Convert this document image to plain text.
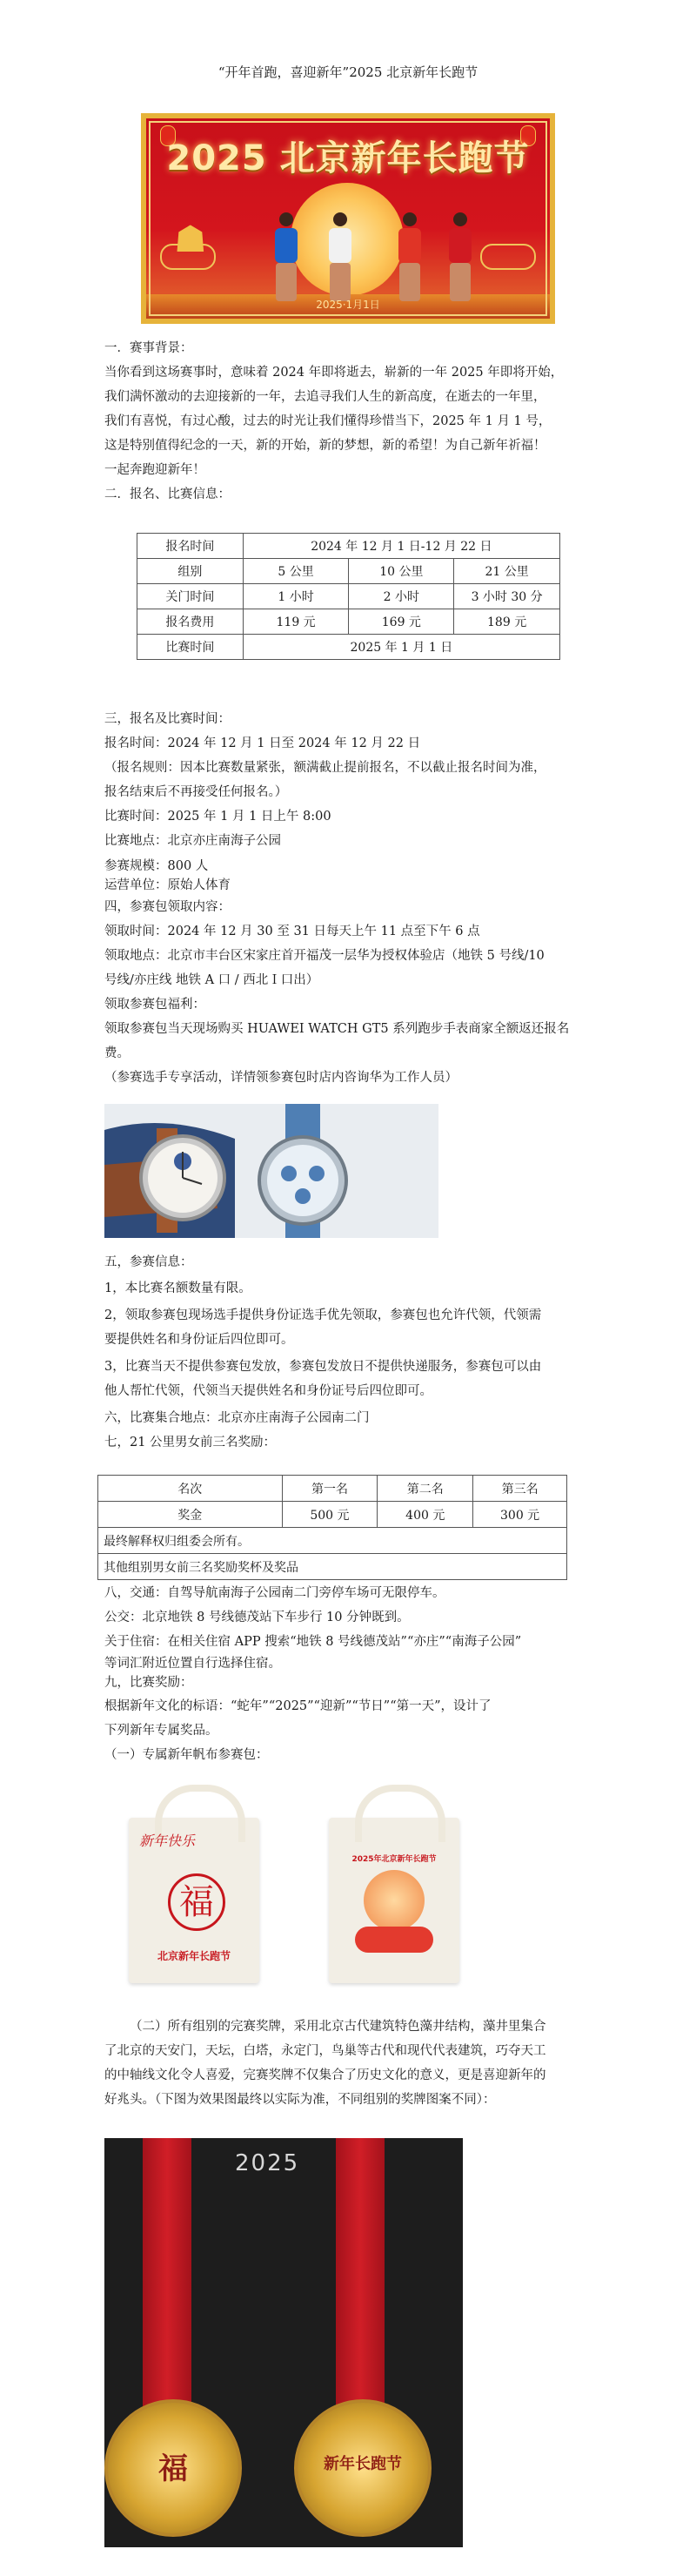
“开年首跑，喜迎新年”2025 北京新年长跑节
☗
2025 北京新年长跑节
2025·1月1日

一．赛事背景：

当你看到这场赛事时，意味着 2024 年即将逝去，崭新的一年 2025 年即将开始，

我们满怀激动的去迎接新的一年，去追寻我们人生的新高度，在逝去的一年里，

我们有喜悦，有过心酸，过去的时光让我们懂得珍惜当下，2025 年 1 月 1 号，

这是特别值得纪念的一天，新的开始，新的梦想，新的希望！为自己新年祈福！

一起奔跑迎新年！

二．报名、比赛信息：

报名时间	2024 年 12 月 1 日-12 月 22 日		
组别	5 公里	10 公里	21 公里
关门时间	1 小时	2 小时	3 小时 30 分
报名费用	119 元	169 元	189 元
比赛时间	2025 年 1 月 1 日		

三，报名及比赛时间：

报名时间：2024 年 12 月 1 日至 2024 年 12 月 22 日

（报名规则：因本比赛数量紧张，额满截止提前报名，不以截止报名时间为准，

报名结束后不再接受任何报名。）

比赛时间：2025 年 1 月 1 日上午 8:00

比赛地点：北京亦庄南海子公园

参赛规模：800 人

运营单位：原始人体育

四，参赛包领取内容：

领取时间：2024 年 12 月 30 至 31 日每天上午 11 点至下午 6 点

领取地点：北京市丰台区宋家庄首开福茂一层华为授权体验店（地铁 5 号线/10

号线/亦庄线 地铁 A 口 / 西北Ｉ口出）

领取参赛包福利：

领取参赛包当天现场购买 HUAWEI WATCH GT5 系列跑步手表商家全额返还报名费。

（参赛选手专享活动，详情领参赛包时店内咨询华为工作人员）

五，参赛信息：

1，本比赛名额数量有限。

2，领取参赛包现场选手提供身份证选手优先领取，参赛包也允许代领，代领需

要提供姓名和身份证后四位即可。

3，比赛当天不提供参赛包发放，参赛包发放日不提供快递服务，参赛包可以由

他人帮忙代领，代领当天提供姓名和身份证号后四位即可。

六，比赛集合地点：北京亦庄南海子公园南二门

七，21 公里男女前三名奖励：

名次	第一名	第二名	第三名
奖金	500 元	400 元	300 元
最终解释权归组委会所有。			
其他组别男女前三名奖励奖杯及奖品			

八，交通：自驾导航南海子公园南二门旁停车场可无限停车。

公交：北京地铁 8 号线德茂站下车步行 10 分钟既到。

关于住宿：在相关住宿 APP 搜索“地铁 8 号线德茂站”“亦庄”“南海子公园”

等词汇附近位置自行选择住宿。

九，比赛奖励：

根据新年文化的标语：“蛇年”“2025”“迎新”“节日”“第一天”，设计了

下列新年专属奖品。

（一）专属新年帆布参赛包：

新年快乐
福
北京新年长跑节
2025年北京新年长跑节

（二）所有组别的完赛奖牌，采用北京古代建筑特色藻井结构，藻井里集合

了北京的天安门，天坛，白塔，永定门，鸟巢等古代和现代代表建筑，巧夺天工

的中轴线文化令人喜爱，完赛奖牌不仅集合了历史文化的意义，更是喜迎新年的

好兆头。（下图为效果图最终以实际为准，不同组别的奖牌图案不同）：

2025
福	新年长跑节
